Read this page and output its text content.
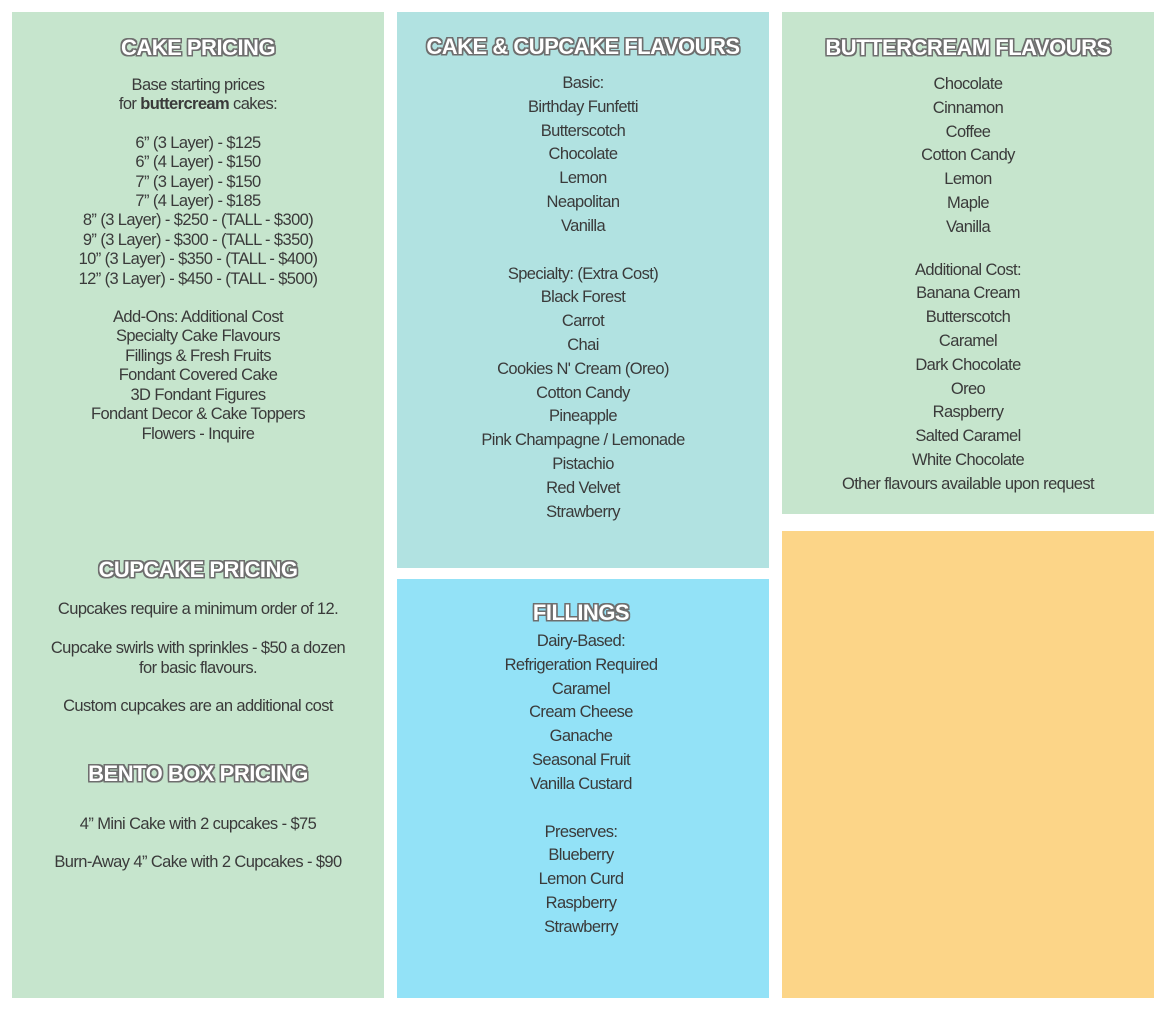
CAKE PRICING
Base starting prices
for buttercream cakes:
6” (3 Layer) - $125
6” (4 Layer) - $150
7” (3 Layer) - $150
7” (4 Layer) - $185
8” (3 Layer) - $250 - (TALL - $300)
9” (3 Layer) - $300 - (TALL - $350)
10” (3 Layer) - $350 - (TALL - $400)
12” (3 Layer) - $450 - (TALL - $500)
Add-Ons: Additional Cost
Specialty Cake Flavours
Fillings & Fresh Fruits
Fondant Covered Cake
3D Fondant Figures
Fondant Decor & Cake Toppers
Flowers - Inquire
CUPCAKE PRICING
Cupcakes require a minimum order of 12.
Cupcake swirls with sprinkles - $50 a dozen
for basic flavours.
Custom cupcakes are an additional cost
BENTO BOX PRICING
4” Mini Cake with 2 cupcakes - $75
Burn-Away 4” Cake with 2 Cupcakes - $90
CAKE & CUPCAKE FLAVOURS
Basic:
Birthday Funfetti
Butterscotch
Chocolate
Lemon
Neapolitan
Vanilla
Specialty: (Extra Cost)
Black Forest
Carrot
Chai
Cookies N' Cream (Oreo)
Cotton Candy
Pineapple
Pink Champagne / Lemonade
Pistachio
Red Velvet
Strawberry
BUTTERCREAM FLAVOURS
Chocolate
Cinnamon
Coffee
Cotton Candy
Lemon
Maple
Vanilla
Additional Cost:
Banana Cream
Butterscotch
Caramel
Dark Chocolate
Oreo
Raspberry
Salted Caramel
White Chocolate
Other flavours available upon request
FILLINGS
Dairy-Based:
Refrigeration Required
Caramel
Cream Cheese
Ganache
Seasonal Fruit
Vanilla Custard
Preserves:
Blueberry
Lemon Curd
Raspberry
Strawberry
